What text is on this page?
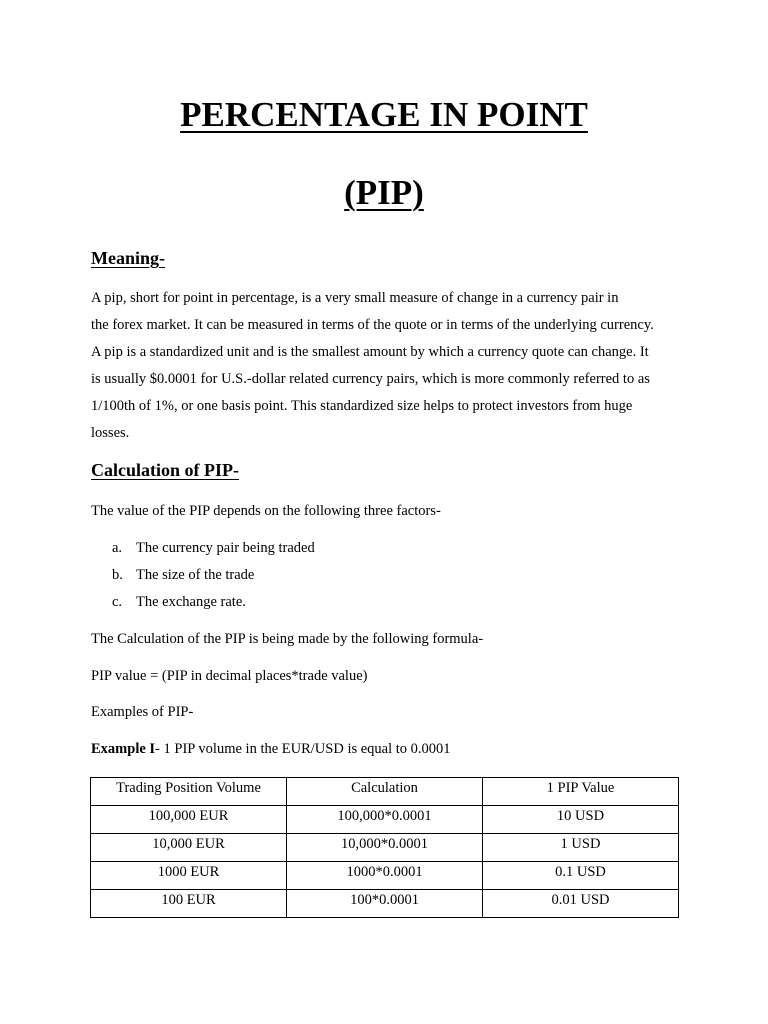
PERCENTAGE IN POINT
(PIP)
Meaning-

A pip, short for point in percentage, is a very small measure of change in a currency pair in
the forex market. It can be measured in terms of the quote or in terms of the underlying currency.
A pip is a standardized unit and is the smallest amount by which a currency quote can change. It
is usually $0.0001 for U.S.-dollar related currency pairs, which is more commonly referred to as
1/100th of 1%, or one basis point. This standardized size helps to protect investors from huge
losses.

Calculation of PIP-

The value of the PIP depends on the following three factors-

a. The currency pair being traded
b. The size of the trade
c. The exchange rate.

The Calculation of the PIP is being made by the following formula-

PIP value = (PIP in decimal places*trade value)

Examples of PIP-

Example I- 1 PIP volume in the EUR/USD is equal to 0.0001

Trading Position Volume	Calculation	1 PIP Value
100,000 EUR	100,000*0.0001	10 USD
10,000 EUR	10,000*0.0001	1 USD
1000 EUR	1000*0.0001	0.1 USD
100 EUR	100*0.0001	0.01 USD
